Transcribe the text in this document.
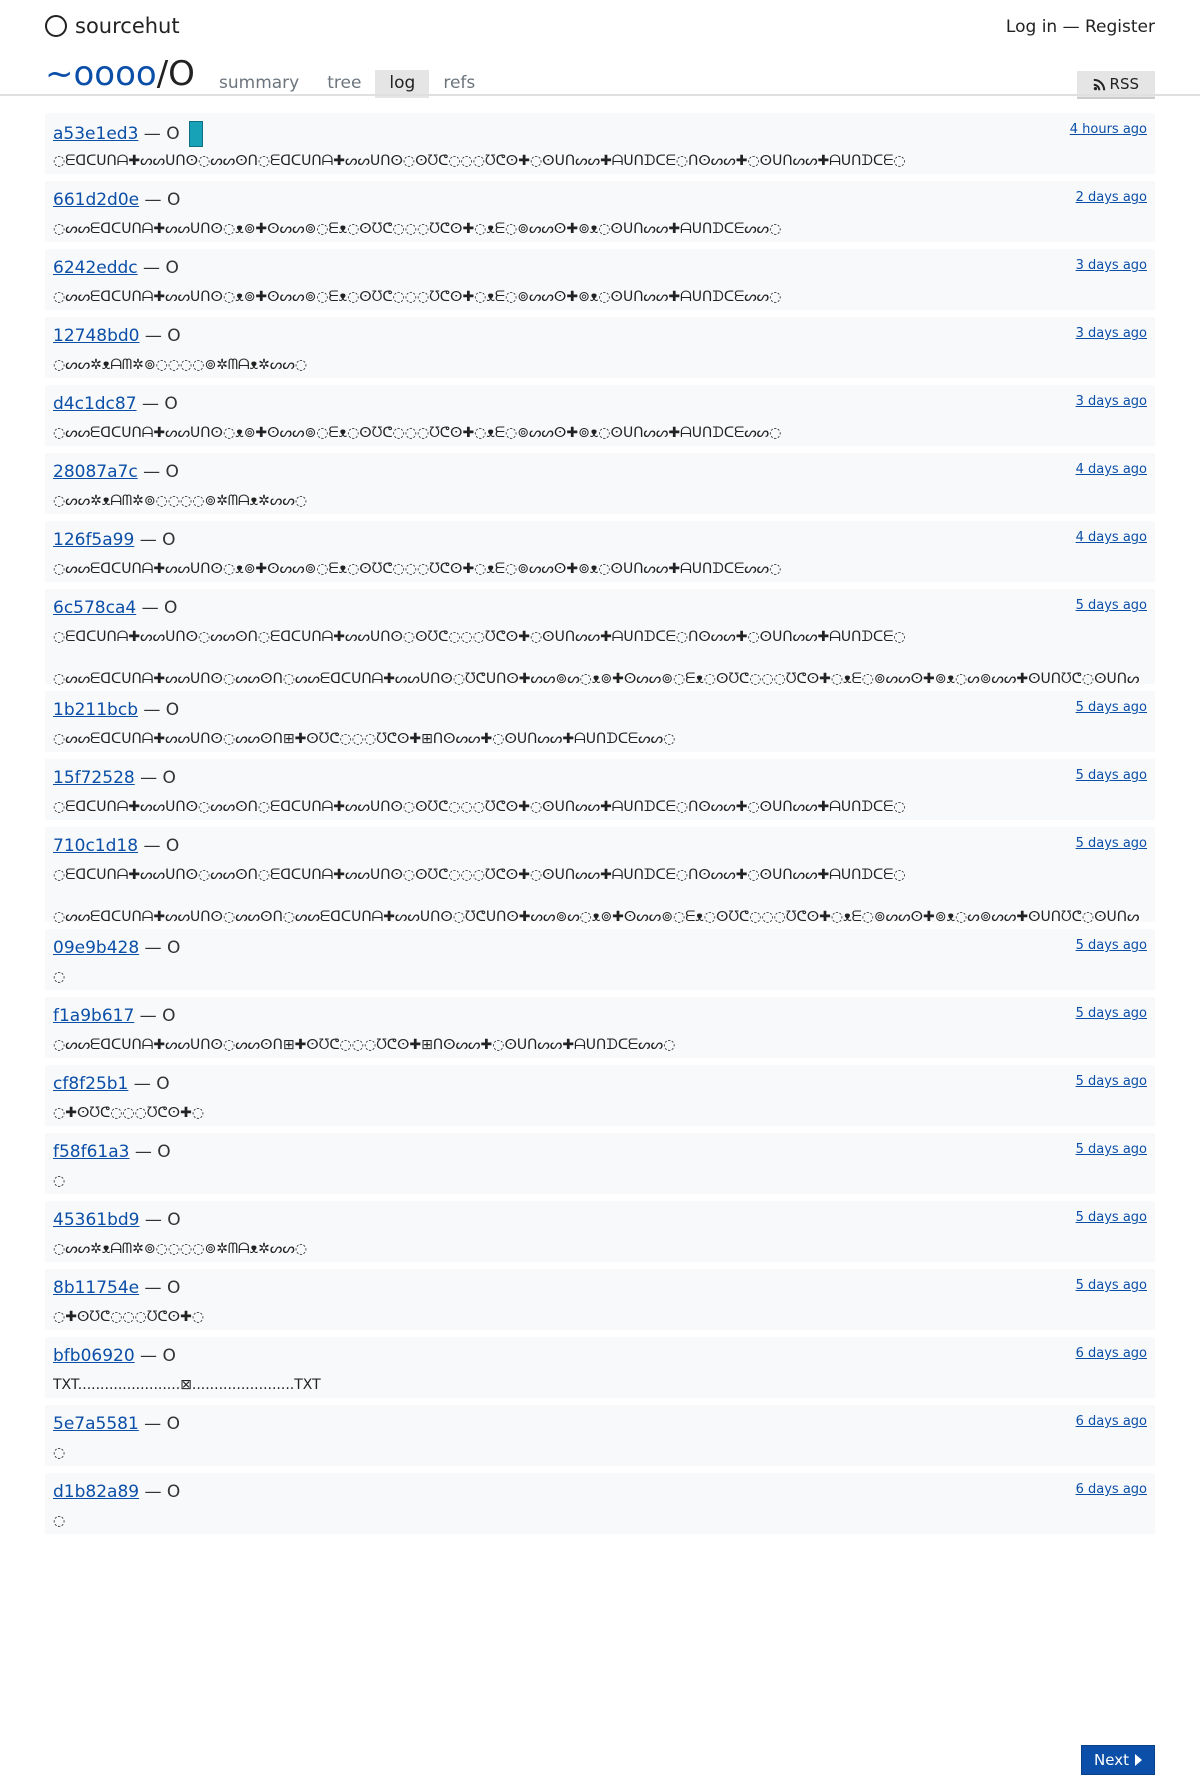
sourcehut	Log in — Register
~oooo/O	summary	tree	log	refs	RSS
a53e1ed3 — O	4 hours ago
◌ᗴᗡᑕᑌᑎᗩ✚ᔕᔕᑌᑎⵙ◌ᔕᔕⵙᑎ◌ᗴᗡᑕᑌᑎᗩ✚ᔕᔕᑌᑎⵙ◌ⵙᘮᕦ◌◌◌ᘮᕦⵙ✚◌ⵙᑌᑎᔕᔕ✚ᗩᑌᑎᗪᑕᗴ◌ᑎⵙᔕᔕ✚◌ⵙᑌᑎᔕᔕ✚ᗩᑌᑎᗪᑕᗴ◌
661d2d0e — O	2 days ago
◌ᔕᔕᗴᗡᑕᑌᑎᗩ✚ᔕᔕᑌᑎⵙ◌ᴥ⊚✚ⵙᔕᔕ⊚◌ᗴᴥ◌ⵙᘮᕦ◌◌◌ᘮᕦⵙ✚◌ᴥᗴ◌⊚ᔕᔕⵙ✚⊚ᴥ◌ⵙᑌᑎᔕᔕ✚ᗩᑌᑎᗪᑕᗴᔕᔕ◌
6242eddc — O	3 days ago
◌ᔕᔕᗴᗡᑕᑌᑎᗩ✚ᔕᔕᑌᑎⵙ◌ᴥ⊚✚ⵙᔕᔕ⊚◌ᗴᴥ◌ⵙᘮᕦ◌◌◌ᘮᕦⵙ✚◌ᴥᗴ◌⊚ᔕᔕⵙ✚⊚ᴥ◌ⵙᑌᑎᔕᔕ✚ᗩᑌᑎᗪᑕᗴᔕᔕ◌
12748bd0 — O	3 days ago
◌ᔕᔕ✲ᴥᗩᗰ✲⊚◌◌◌◌⊚✲ᗰᗩᴥ✲ᔕᔕ◌
d4c1dc87 — O	3 days ago
◌ᔕᔕᗴᗡᑕᑌᑎᗩ✚ᔕᔕᑌᑎⵙ◌ᴥ⊚✚ⵙᔕᔕ⊚◌ᗴᴥ◌ⵙᘮᕦ◌◌◌ᘮᕦⵙ✚◌ᴥᗴ◌⊚ᔕᔕⵙ✚⊚ᴥ◌ⵙᑌᑎᔕᔕ✚ᗩᑌᑎᗪᑕᗴᔕᔕ◌
28087a7c — O	4 days ago
◌ᔕᔕ✲ᴥᗩᗰ✲⊚◌◌◌◌⊚✲ᗰᗩᴥ✲ᔕᔕ◌
126f5a99 — O	4 days ago
◌ᔕᔕᗴᗡᑕᑌᑎᗩ✚ᔕᔕᑌᑎⵙ◌ᴥ⊚✚ⵙᔕᔕ⊚◌ᗴᴥ◌ⵙᘮᕦ◌◌◌ᘮᕦⵙ✚◌ᴥᗴ◌⊚ᔕᔕⵙ✚⊚ᴥ◌ⵙᑌᑎᔕᔕ✚ᗩᑌᑎᗪᑕᗴᔕᔕ◌
6c578ca4 — O	5 days ago
◌ᗴᗡᑕᑌᑎᗩ✚ᔕᔕᑌᑎⵙ◌ᔕᔕⵙᑎ◌ᗴᗡᑕᑌᑎᗩ✚ᔕᔕᑌᑎⵙ◌ⵙᘮᕦ◌◌◌ᘮᕦⵙ✚◌ⵙᑌᑎᔕᔕ✚ᗩᑌᑎᗪᑕᗴ◌ᑎⵙᔕᔕ✚◌ⵙᑌᑎᔕᔕ✚ᗩᑌᑎᗪᑕᗴ◌
◌ᔕᔕᗴᗡᑕᑌᑎᗩ✚ᔕᔕᑌᑎⵙ◌ᔕᔕⵙᑎ◌ᔕᔕᗴᗡᑕᑌᑎᗩ✚ᔕᔕᑌᑎⵙ◌ᘮᕦᑌᑎⵙ✚ᔕᔕ⊚ᔕ◌ᴥ⊚✚ⵙᔕᔕ⊚◌ᗴᴥ◌ⵙᘮᕦ◌◌◌ᘮᕦⵙ✚◌ᴥᗴ◌⊚ᔕᔕⵙ✚⊚ᴥ◌ᔕ⊚ᔕᔕ✚ⵙᑌᑎᘮᕦ◌ⵙᑌᑎᔕ
1b211bcb — O	5 days ago
◌ᔕᔕᗴᗡᑕᑌᑎᗩ✚ᔕᔕᑌᑎⵙ◌ᔕᔕⵙᑎ⊞✚ⵙᘮᕦ◌◌◌ᘮᕦⵙ✚⊞ᑎⵙᔕᔕ✚◌ⵙᑌᑎᔕᔕ✚ᗩᑌᑎᗪᑕᗴᔕᔕ◌
15f72528 — O	5 days ago
◌ᗴᗡᑕᑌᑎᗩ✚ᔕᔕᑌᑎⵙ◌ᔕᔕⵙᑎ◌ᗴᗡᑕᑌᑎᗩ✚ᔕᔕᑌᑎⵙ◌ⵙᘮᕦ◌◌◌ᘮᕦⵙ✚◌ⵙᑌᑎᔕᔕ✚ᗩᑌᑎᗪᑕᗴ◌ᑎⵙᔕᔕ✚◌ⵙᑌᑎᔕᔕ✚ᗩᑌᑎᗪᑕᗴ◌
710c1d18 — O	5 days ago
◌ᗴᗡᑕᑌᑎᗩ✚ᔕᔕᑌᑎⵙ◌ᔕᔕⵙᑎ◌ᗴᗡᑕᑌᑎᗩ✚ᔕᔕᑌᑎⵙ◌ⵙᘮᕦ◌◌◌ᘮᕦⵙ✚◌ⵙᑌᑎᔕᔕ✚ᗩᑌᑎᗪᑕᗴ◌ᑎⵙᔕᔕ✚◌ⵙᑌᑎᔕᔕ✚ᗩᑌᑎᗪᑕᗴ◌
◌ᔕᔕᗴᗡᑕᑌᑎᗩ✚ᔕᔕᑌᑎⵙ◌ᔕᔕⵙᑎ◌ᔕᔕᗴᗡᑕᑌᑎᗩ✚ᔕᔕᑌᑎⵙ◌ᘮᕦᑌᑎⵙ✚ᔕᔕ⊚ᔕ◌ᴥ⊚✚ⵙᔕᔕ⊚◌ᗴᴥ◌ⵙᘮᕦ◌◌◌ᘮᕦⵙ✚◌ᴥᗴ◌⊚ᔕᔕⵙ✚⊚ᴥ◌ᔕ⊚ᔕᔕ✚ⵙᑌᑎᘮᕦ◌ⵙᑌᑎᔕ
09e9b428 — O	5 days ago
◌
f1a9b617 — O	5 days ago
◌ᔕᔕᗴᗡᑕᑌᑎᗩ✚ᔕᔕᑌᑎⵙ◌ᔕᔕⵙᑎ⊞✚ⵙᘮᕦ◌◌◌ᘮᕦⵙ✚⊞ᑎⵙᔕᔕ✚◌ⵙᑌᑎᔕᔕ✚ᗩᑌᑎᗪᑕᗴᔕᔕ◌
cf8f25b1 — O	5 days ago
◌✚ⵙᘮᕦ◌◌◌ᘮᕦⵙ✚◌
f58f61a3 — O	5 days ago
◌
45361bd9 — O	5 days ago
◌ᔕᔕ✲ᴥᗩᗰ✲⊚◌◌◌◌⊚✲ᗰᗩᴥ✲ᔕᔕ◌
8b11754e — O	5 days ago
◌✚ⵙᘮᕦ◌◌◌ᘮᕦⵙ✚◌
bfb06920 — O	6 days ago
TXT.......................⊠.......................TXT
5e7a5581 — O	6 days ago
◌
d1b82a89 — O	6 days ago
◌
Next
